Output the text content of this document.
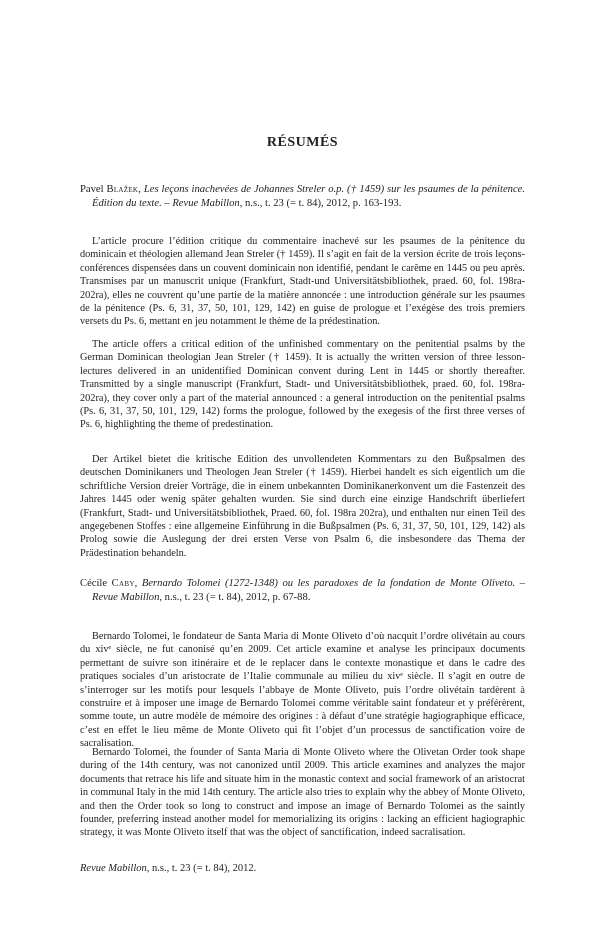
RÉSUMÉS

Pavel Blažek, Les leçons inachevées de Johannes Streler o.p. († 1459) sur les psaumes de la pénitence. Édition du texte. – Revue Mabillon, n.s., t. 23 (= t. 84), 2012, p. 163-193.

L’article procure l’édition critique du commentaire inachevé sur les psaumes de la pénitence du dominicain et théologien allemand Jean Streler († 1459). Il s’agit en fait de la version écrite de trois leçons-conférences dispensées dans un couvent dominicain non identifié, pendant le carême en 1445 ou peu après. Transmises par un manuscrit unique (Frankfurt, Stadt-und Universitätsbibliothek, praed. 60, fol. 198ra-202ra), elles ne couvrent qu’une partie de la matière annoncée : une introduction générale sur les psaumes de la pénitence (Ps. 6, 31, 37, 50, 101, 129, 142) en guise de prologue et l’exégèse des trois premiers versets du Ps. 6, mettant en jeu notamment le thème de la prédestination.

The article offers a critical edition of the unfinished commentary on the penitential psalms by the German Dominican theologian Jean Streler († 1459). It is actually the written version of three lesson-lectures delivered in an unidentified Dominican convent during Lent in 1445 or shortly thereafter. Transmitted by a single manuscript (Frankfurt, Stadt- und Universitätsbibliothek, praed. 60, fol. 198ra-202ra), they cover only a part of the material announced : a general introduction on the penitential psalms (Ps. 6, 31, 37, 50, 101, 129, 142) forms the prologue, followed by the exegesis of the first three verses of Ps. 6, highlighting the theme of predestination.

Der Artikel bietet die kritische Edition des unvollendeten Kommentars zu den Bußpsalmen des deutschen Dominikaners und Theologen Jean Streler († 1459). Hierbei handelt es sich eigentlich um die schriftliche Version dreier Vorträge, die in einem unbekannten Dominikanerkonvent um die Fastenzeit des Jahres 1445 oder wenig später gehalten wurden. Sie sind durch eine einzige Handschrift überliefert (Frankfurt, Stadt- und Universitätsbibliothek, Praed. 60, fol. 198ra 202ra), und enthalten nur einen Teil des angegebenen Stoffes : eine allgemeine Einführung in die Bußpsalmen (Ps. 6, 31, 37, 50, 101, 129, 142) als Prolog sowie die Auslegung der drei ersten Verse von Psalm 6, die insbesondere das Thema der Prädestination behandeln.

Cécile Caby, Bernardo Tolomei (1272-1348) ou les paradoxes de la fondation de Monte Oliveto. – Revue Mabillon, n.s., t. 23 (= t. 84), 2012, p. 67-88.

Bernardo Tolomei, le fondateur de Santa Maria di Monte Oliveto d’où nacquit l’ordre olivétain au cours du xivᵉ siècle, ne fut canonisé qu’en 2009. Cet article examine et analyse les principaux documents permettant de suivre son itinéraire et de le replacer dans le contexte monastique et dans le cadre des pratiques sociales d’un aristocrate de l’Italie communale au milieu du xivᵉ siècle. Il s’agit en outre de s’interroger sur les motifs pour lesquels l’abbaye de Monte Oliveto, puis l’ordre olivétain tardèrent à construire et à imposer une image de Bernardo Tolomei comme véritable saint fondateur et y préférèrent, somme toute, un autre modèle de mémoire des origines : à défaut d’une stratégie hagiographique efficace, c’est en effet le lieu même de Monte Oliveto qui fit l’objet d’un processus de sanctification voire de sacralisation.

Bernardo Tolomei, the founder of Santa Maria di Monte Oliveto where the Olivetan Order took shape during of the 14th century, was not canonized until 2009. This article examines and analyzes the major documents that retrace his life and situate him in the monastic context and social framework of an aristocrat in communal Italy in the mid 14th century. The article also tries to explain why the abbey of Monte Oliveto, and then the Order took so long to construct and impose an image of Bernardo Tolomei as the saintly founder, preferring instead another model for memorializing its origins : lacking an efficient hagiographic strategy, it was Monte Oliveto itself that was the object of sanctification, indeed sacralisation.

Revue Mabillon, n.s., t. 23 (= t. 84), 2012.
